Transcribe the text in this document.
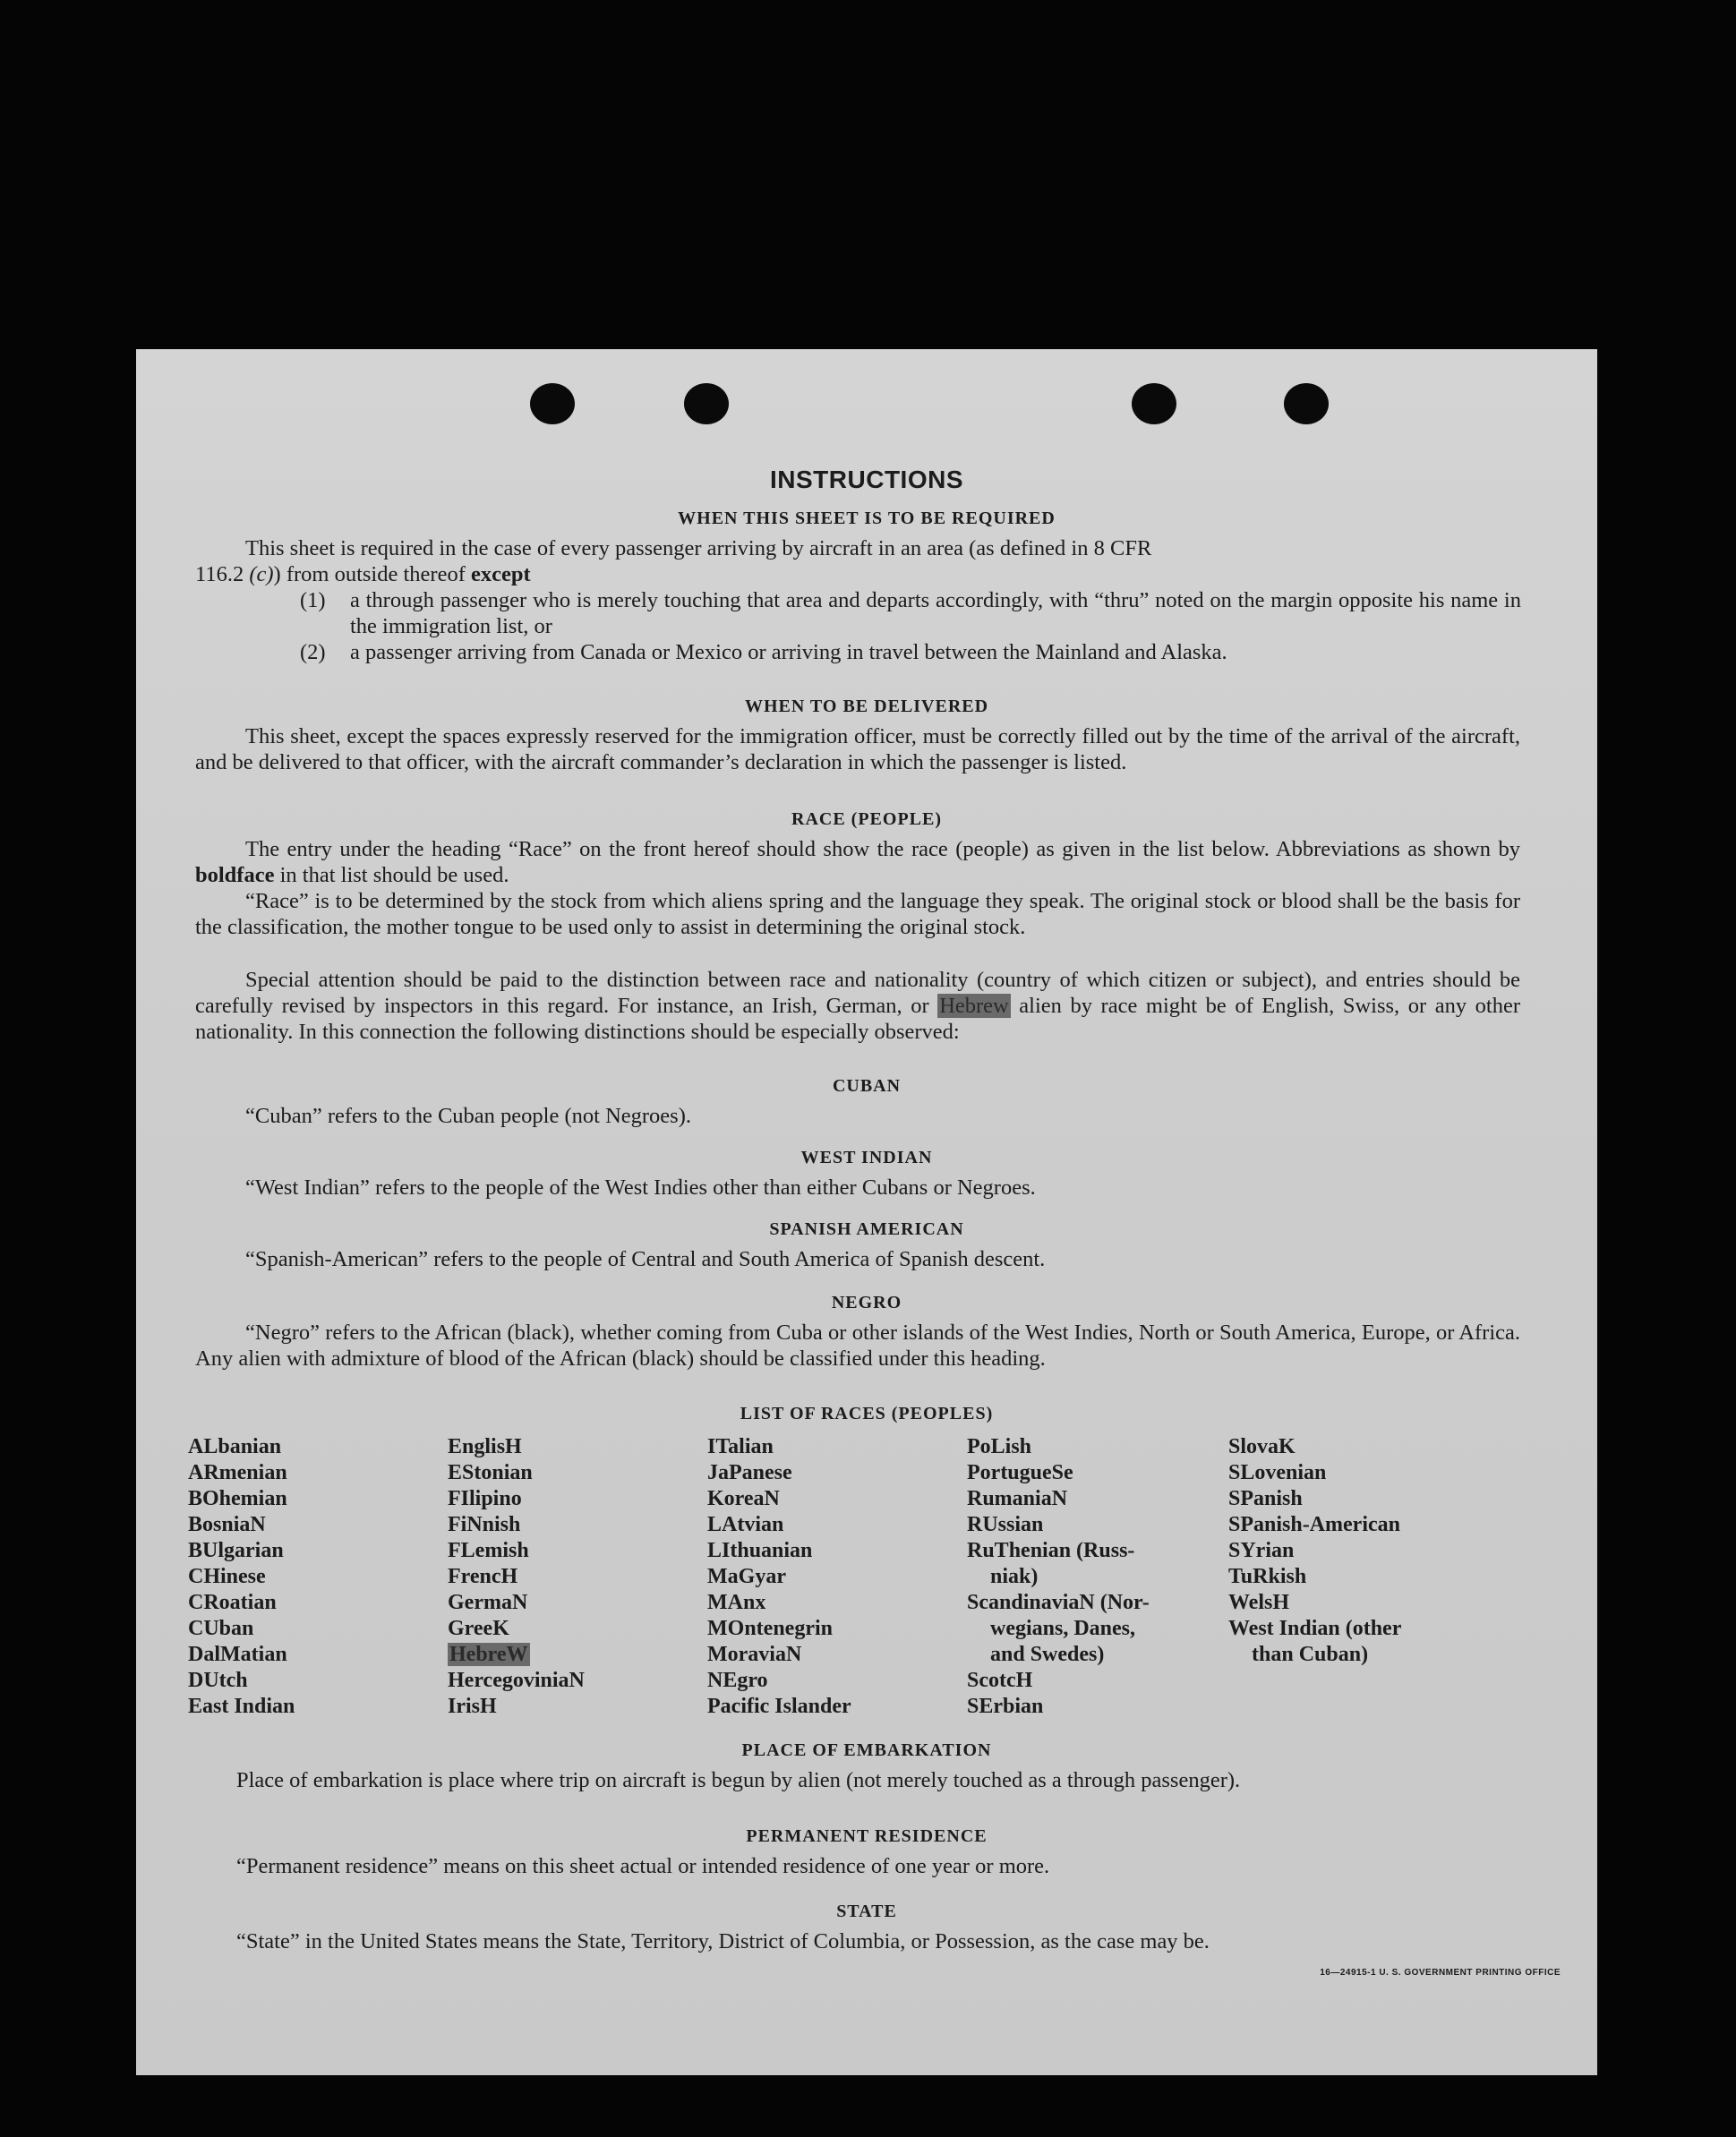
INSTRUCTIONS
WHEN THIS SHEET IS TO BE REQUIRED
This sheet is required in the case of every passenger arriving by aircraft in an area (as defined in 8 CFR
116.2 (c)) from outside thereof except
(1)	a through passenger who is merely touching that area and departs accordingly, with “thru” noted on the margin opposite his name in the immigration list, or
(2)	a passenger arriving from Canada or Mexico or arriving in travel between the Mainland and Alaska.
WHEN TO BE DELIVERED
This sheet, except the spaces expressly reserved for the immigration officer, must be correctly filled out by the time of the arrival of the aircraft, and be delivered to that officer, with the aircraft commander’s declaration in which the passenger is listed.
RACE (PEOPLE)
The entry under the heading “Race” on the front hereof should show the race (people) as given in the list below. Abbreviations as shown by boldface in that list should be used.
“Race” is to be determined by the stock from which aliens spring and the language they speak. The original stock or blood shall be the basis for the classification, the mother tongue to be used only to assist in determining the original stock.
Special attention should be paid to the distinction between race and nationality (country of which citizen or subject), and entries should be carefully revised by inspectors in this regard. For instance, an Irish, German, or Hebrew alien by race might be of English, Swiss, or any other nationality. In this connection the following distinctions should be especially observed:
CUBAN
“Cuban” refers to the Cuban people (not Negroes).
WEST INDIAN
“West Indian” refers to the people of the West Indies other than either Cubans or Negroes.
SPANISH AMERICAN
“Spanish-American” refers to the people of Central and South America of Spanish descent.
NEGRO
“Negro” refers to the African (black), whether coming from Cuba or other islands of the West Indies, North or South America, Europe, or Africa. Any alien with admixture of blood of the African (black) should be classified under this heading.
LIST OF RACES (PEOPLES)
ALbanian
ARmenian
BOhemian
BosniaN
BUlgarian
CHinese
CRoatian
CUban
DalMatian
DUtch
East Indian
EnglisH
EStonian
FIlipino
FiNnish
FLemish
FrencH
GermaN
GreeK
HebreW
HercegoviniaN
IrisH
ITalian
JaPanese
KoreaN
LAtvian
LIthuanian
MaGyar
MAnx
MOntenegrin
MoraviaN
NEgro
Pacific Islander
PoLish
PortugueSe
RumaniaN
RUssian
RuThenian (Russ-
niak)
ScandinaviaN (Nor-
wegians, Danes,
and Swedes)
ScotcH
SErbian
SlovaK
SLovenian
SPanish
SPanish-American
SYrian
TuRkish
WelsH
West Indian (other
than Cuban)
PLACE OF EMBARKATION
Place of embarkation is place where trip on aircraft is begun by alien (not merely touched as a through passenger).
PERMANENT RESIDENCE
“Permanent residence” means on this sheet actual or intended residence of one year or more.
STATE
“State” in the United States means the State, Territory, District of Columbia, or Possession, as the case may be.
16—24915-1 U. S. GOVERNMENT PRINTING OFFICE
